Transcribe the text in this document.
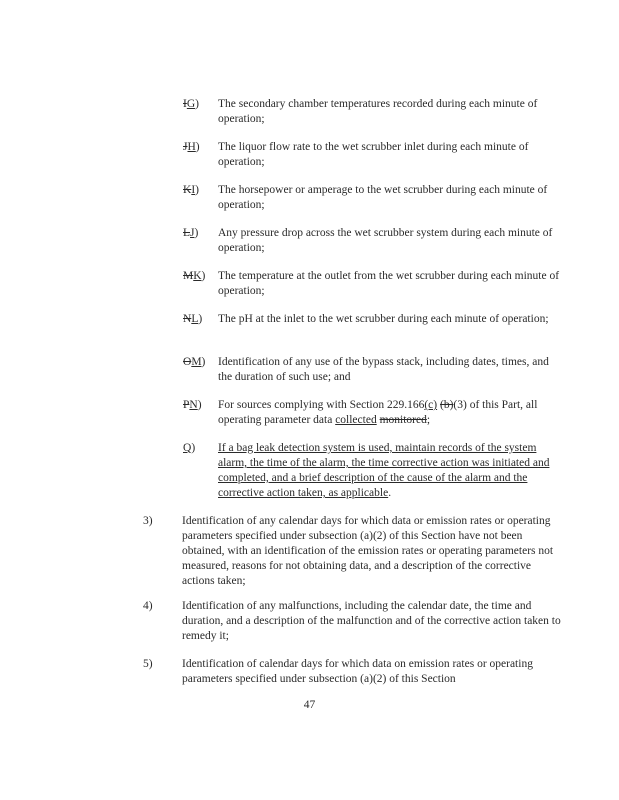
IG) The secondary chamber temperatures recorded during each minute of operation;
JH) The liquor flow rate to the wet scrubber inlet during each minute of operation;
KI) The horsepower or amperage to the wet scrubber during each minute of operation;
LJ) Any pressure drop across the wet scrubber system during each minute of operation;
MK) The temperature at the outlet from the wet scrubber during each minute of operation;
NL) The pH at the inlet to the wet scrubber during each minute of operation;
OM) Identification of any use of the bypass stack, including dates, times, and the duration of such use; and
PN) For sources complying with Section 229.166(c) (b)(3) of this Part, all operating parameter data collected monitored;
Q) If a bag leak detection system is used, maintain records of the system alarm, the time of the alarm, the time corrective action was initiated and completed, and a brief description of the cause of the alarm and the corrective action taken, as applicable.
3)	Identification of any calendar days for which data or emission rates or operating parameters specified under subsection (a)(2) of this Section have not been obtained, with an identification of the emission rates or operating parameters not measured, reasons for not obtaining data, and a description of the corrective actions taken;
4)	Identification of any malfunctions, including the calendar date, the time and duration, and a description of the malfunction and of the corrective action taken to remedy it;
5)	Identification of calendar days for which data on emission rates or operating parameters specified under subsection (a)(2) of this Section
47
